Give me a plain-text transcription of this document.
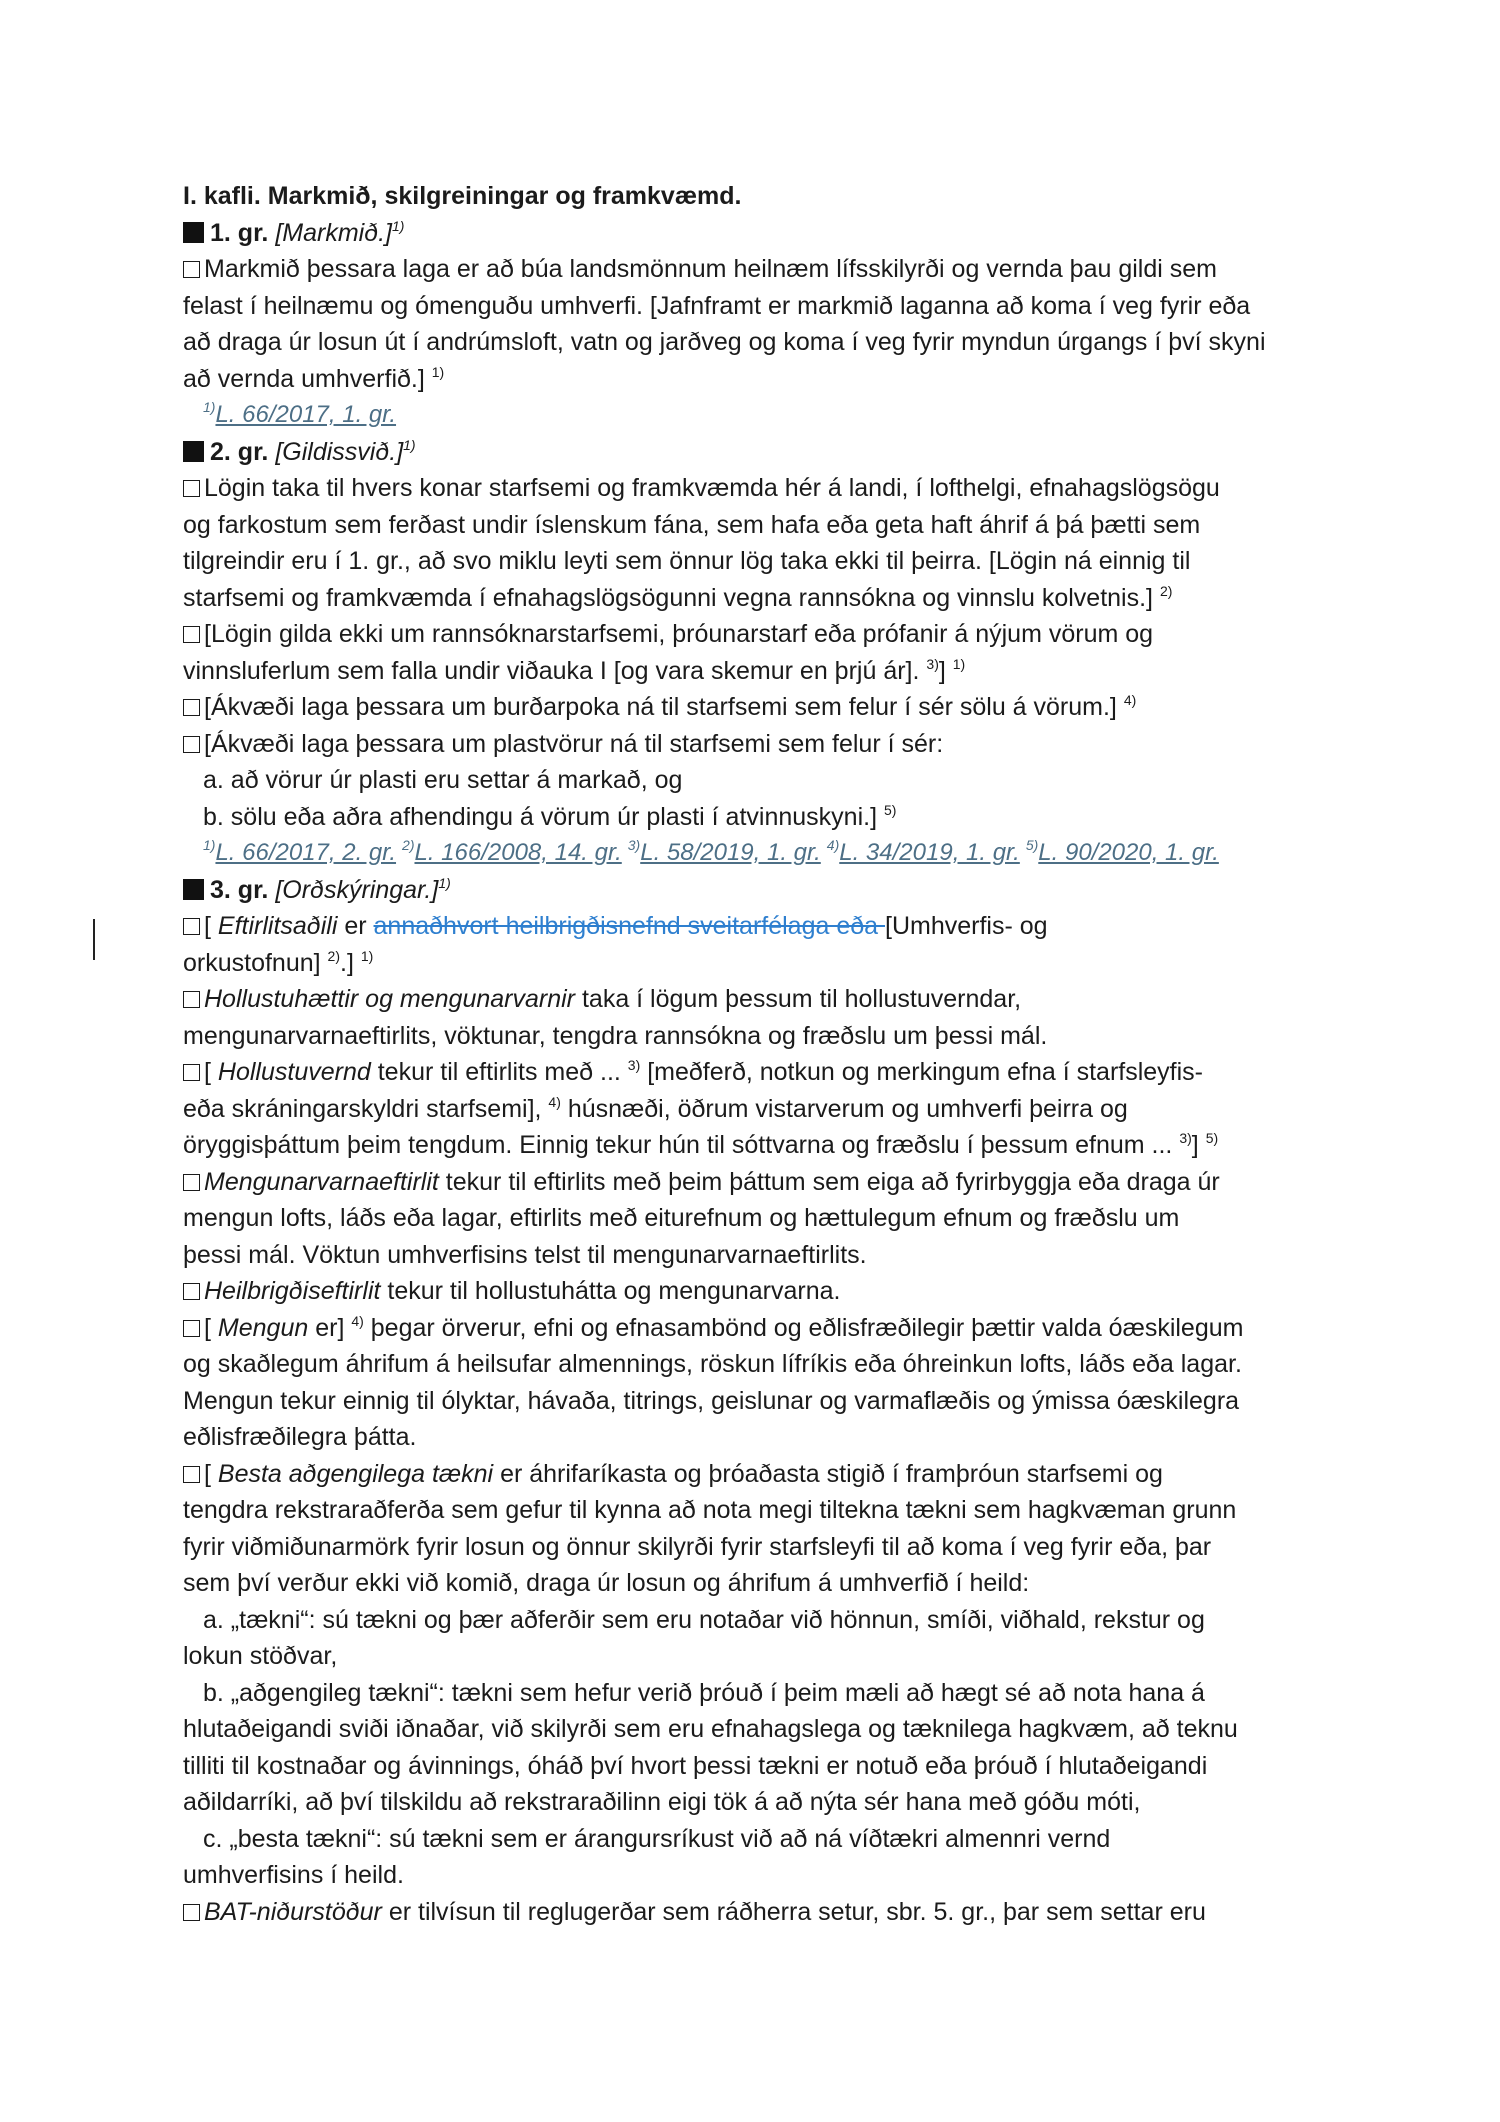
I. kafli. Markmið, skilgreiningar og framkvæmd.
1. gr. [Markmið.]$^{1)}$
Markmið þessara laga er að búa landsmönnum heilnæm lífsskilyrði og vernda þau gildi sem
felast í heilnæmu og ómenguðu umhverfi. [Jafnframt er markmið laganna að koma í veg fyrir eða
að draga úr losun út í andrúmsloft, vatn og jarðveg og koma í veg fyrir myndun úrgangs í því skyni
að vernda umhverfið.] $^{1)}$
$^{1)}$L. 66/2017, 1. gr.
2. gr. [Gildissvið.]$^{1)}$
Lögin taka til hvers konar starfsemi og framkvæmda hér á landi, í lofthelgi, efnahagslögsögu
og farkostum sem ferðast undir íslenskum fána, sem hafa eða geta haft áhrif á þá þætti sem
tilgreindir eru í 1. gr., að svo miklu leyti sem önnur lög taka ekki til þeirra. [Lögin ná einnig til
starfsemi og framkvæmda í efnahagslögsögunni vegna rannsókna og vinnslu kolvetnis.] $^{2)}$
[Lögin gilda ekki um rannsóknarstarfsemi, þróunarstarf eða prófanir á nýjum vörum og
vinnsluferlum sem falla undir viðauka I [og vara skemur en þrjú ár]. $^{3)}$] $^{1)}$
[Ákvæði laga þessara um burðarpoka ná til starfsemi sem felur í sér sölu á vörum.] $^{4)}$
[Ákvæði laga þessara um plastvörur ná til starfsemi sem felur í sér:
a. að vörur úr plasti eru settar á markað, og
b. sölu eða aðra afhendingu á vörum úr plasti í atvinnuskyni.] $^{5)}$
$^{1)}$L. 66/2017, 2. gr. $^{2)}$L. 166/2008, 14. gr. $^{3)}$L. 58/2019, 1. gr. $^{4)}$L. 34/2019, 1. gr. $^{5)}$L. 90/2020, 1. gr.
3. gr. [Orðskýringar.]$^{1)}$
[ Eftirlitsaðili er annaðhvort heilbrigðisnefnd sveitarfélaga eða [Umhverfis- og
orkustofnun] $^{2)}$.] $^{1)}$
Hollustuhættir og mengunarvarnir taka í lögum þessum til hollustuverndar,
mengunarvarnaeftirlits, vöktunar, tengdra rannsókna og fræðslu um þessi mál.
[ Hollustuvernd tekur til eftirlits með ... $^{3)}$ [meðferð, notkun og merkingum efna í starfsleyfis-
eða skráningarskyldri starfsemi], $^{4)}$ húsnæði, öðrum vistarverum og umhverfi þeirra og
öryggisþáttum þeim tengdum. Einnig tekur hún til sóttvarna og fræðslu í þessum efnum ... $^{3)}$] $^{5)}$
Mengunarvarnaeftirlit tekur til eftirlits með þeim þáttum sem eiga að fyrirbyggja eða draga úr
mengun lofts, láðs eða lagar, eftirlits með eiturefnum og hættulegum efnum og fræðslu um
þessi mál. Vöktun umhverfisins telst til mengunarvarnaeftirlits.
Heilbrigðiseftirlit tekur til hollustuhátta og mengunarvarna.
[ Mengun er] $^{4)}$ þegar örverur, efni og efnasambönd og eðlisfræðilegir þættir valda óæskilegum
og skaðlegum áhrifum á heilsufar almennings, röskun lífríkis eða óhreinkun lofts, láðs eða lagar.
Mengun tekur einnig til ólyktar, hávaða, titrings, geislunar og varmaflæðis og ýmissa óæskilegra
eðlisfræðilegra þátta.
[ Besta aðgengilega tækni er áhrifaríkasta og þróaðasta stigið í framþróun starfsemi og
tengdra rekstraraðferða sem gefur til kynna að nota megi tiltekna tækni sem hagkvæman grunn
fyrir viðmiðunarmörk fyrir losun og önnur skilyrði fyrir starfsleyfi til að koma í veg fyrir eða, þar
sem því verður ekki við komið, draga úr losun og áhrifum á umhverfið í heild:
a. „tækni“: sú tækni og þær aðferðir sem eru notaðar við hönnun, smíði, viðhald, rekstur og
lokun stöðvar,
b. „aðgengileg tækni“: tækni sem hefur verið þróuð í þeim mæli að hægt sé að nota hana á
hlutaðeigandi sviði iðnaðar, við skilyrði sem eru efnahagslega og tæknilega hagkvæm, að teknu
tilliti til kostnaðar og ávinnings, óháð því hvort þessi tækni er notuð eða þróuð í hlutaðeigandi
aðildarríki, að því tilskildu að rekstraraðilinn eigi tök á að nýta sér hana með góðu móti,
c. „besta tækni“: sú tækni sem er árangursríkust við að ná víðtækri almennri vernd
umhverfisins í heild.
BAT-niðurstöður er tilvísun til reglugerðar sem ráðherra setur, sbr. 5. gr., þar sem settar eru
